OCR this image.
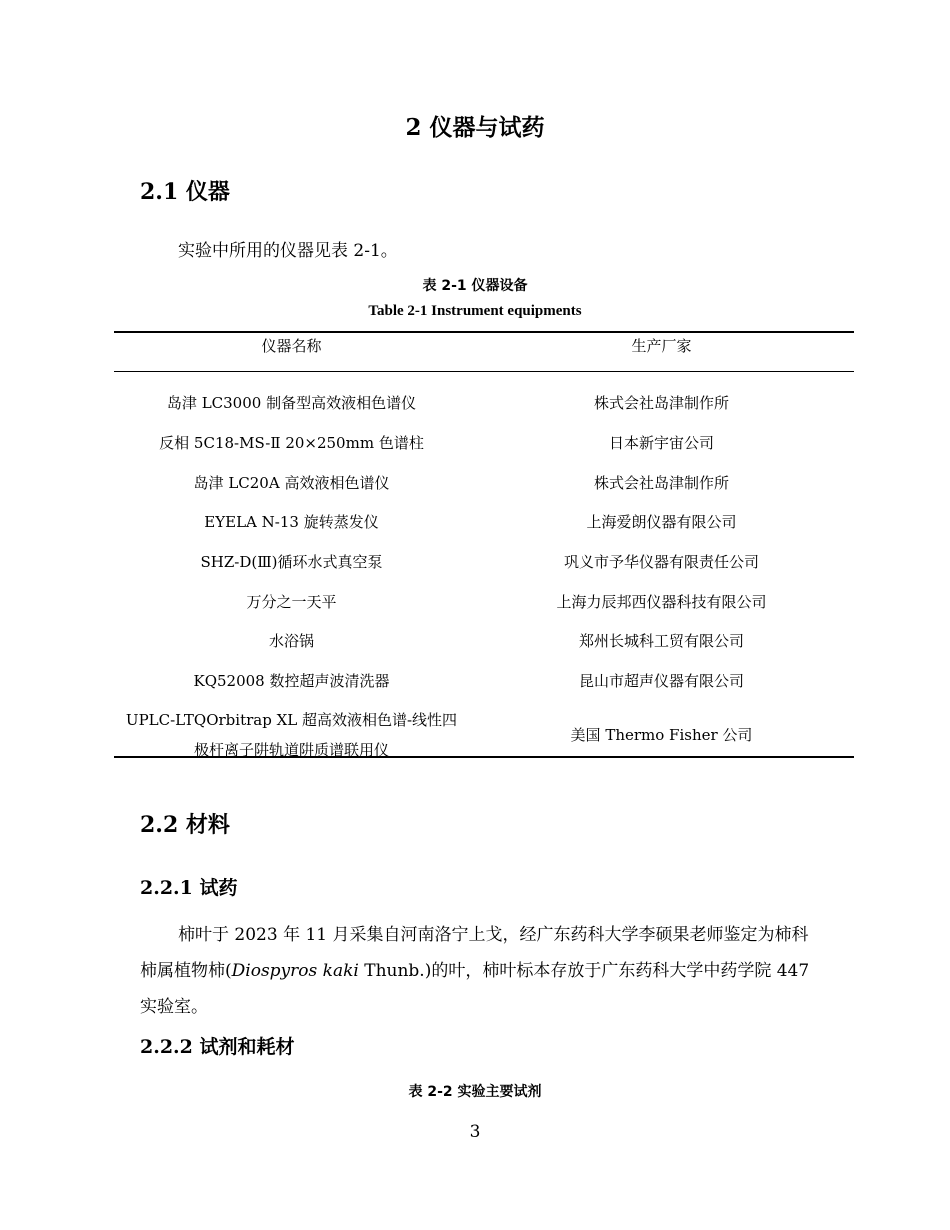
2 仪器与试药
2.1 仪器
实验中所用的仪器见表 2-1。
表 2-1 仪器设备
Table 2-1 Instrument equipments
仪器名称	生产厂家

岛津 LC3000 制备型高效液相色谱仪	株式会社岛津制作所
反相 5C18-MS-Ⅱ 20×250mm 色谱柱	日本新宇宙公司
岛津 LC20A 高效液相色谱仪	株式会社岛津制作所
EYELA N-13 旋转蒸发仪	上海爱朗仪器有限公司
SHZ-D(Ⅲ)循环水式真空泵	巩义市予华仪器有限责任公司
万分之一天平	上海力辰邦西仪器科技有限公司
水浴锅	郑州长城科工贸有限公司
KQ52008 数控超声波清洗器	昆山市超声仪器有限公司

UPLC-LTQOrbitrap XL 超高效液相色谱-线性四
极杆离子阱轨道阱质谱联用仪	美国 Thermo Fisher 公司
2.2 材料
2.2.1 试药
柿叶于 2023 年 11 月采集自河南洛宁上戈，经广东药科大学李硕果老师鉴定为柿科柿属植物柿(Diospyros kaki Thunb.)的叶，柿叶标本存放于广东药科大学中药学院 447 实验室。
2.2.2 试剂和耗材
表 2-2 实验主要试剂
3
